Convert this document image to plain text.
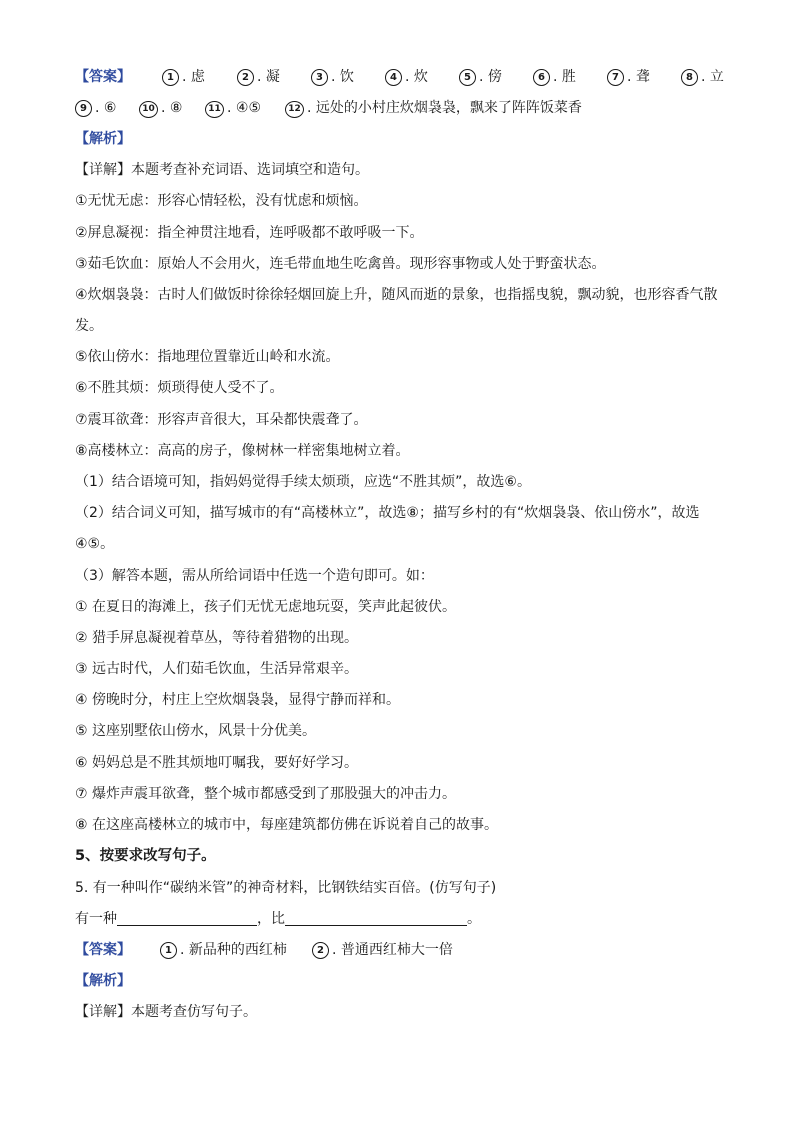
【答案】	1 . 虑	2 . 凝	3 . 饮	4 . 炊	5 . 傍	6 . 胜	7 . 聋	8 . 立
9 . ⑥	10 . ⑧	11 . ④⑤	12 . 远处的小村庄炊烟袅袅，飘来了阵阵饭菜香
【解析】
【详解】本题考查补充词语、选词填空和造句。
①无忧无虑：形容心情轻松，没有忧虑和烦恼。
②屏息凝视：指全神贯注地看，连呼吸都不敢呼吸一下。
③茹毛饮血：原始人不会用火，连毛带血地生吃禽兽。现形容事物或人处于野蛮状态。
④炊烟袅袅：古时人们做饭时徐徐轻烟回旋上升，随风而逝的景象，也指摇曳貌，飘动貌，也形容香气散
发。
⑤依山傍水：指地理位置靠近山岭和水流。
⑥不胜其烦：烦琐得使人受不了。
⑦震耳欲聋：形容声音很大，耳朵都快震聋了。
⑧高楼林立：高高的房子，像树林一样密集地树立着。
（1）结合语境可知，指妈妈觉得手续太烦琐，应选“不胜其烦”，故选⑥。
（2）结合词义可知，描写城市的有“高楼林立”，故选⑧；描写乡村的有“炊烟袅袅、依山傍水”，故选
④⑤。
（3）解答本题，需从所给词语中任选一个造句即可。如：
① 在夏日的海滩上，孩子们无忧无虑地玩耍，笑声此起彼伏。
② 猎手屏息凝视着草丛，等待着猎物的出现。
③ 远古时代，人们茹毛饮血，生活异常艰辛。
④ 傍晚时分，村庄上空炊烟袅袅，显得宁静而祥和。
⑤ 这座别墅依山傍水，风景十分优美。
⑥ 妈妈总是不胜其烦地叮嘱我，要好好学习。
⑦ 爆炸声震耳欲聋，整个城市都感受到了那股强大的冲击力。
⑧ 在这座高楼林立的城市中，每座建筑都仿佛在诉说着自己的故事。
5、按要求改写句子。
5. 有一种叫作“碳纳米管”的神奇材料，比钢铁结实百倍。(仿写句子)
有一种	，比	。
【答案】	1 . 新品种的西红柿	2 . 普通西红柿大一倍
【解析】
【详解】本题考查仿写句子。
